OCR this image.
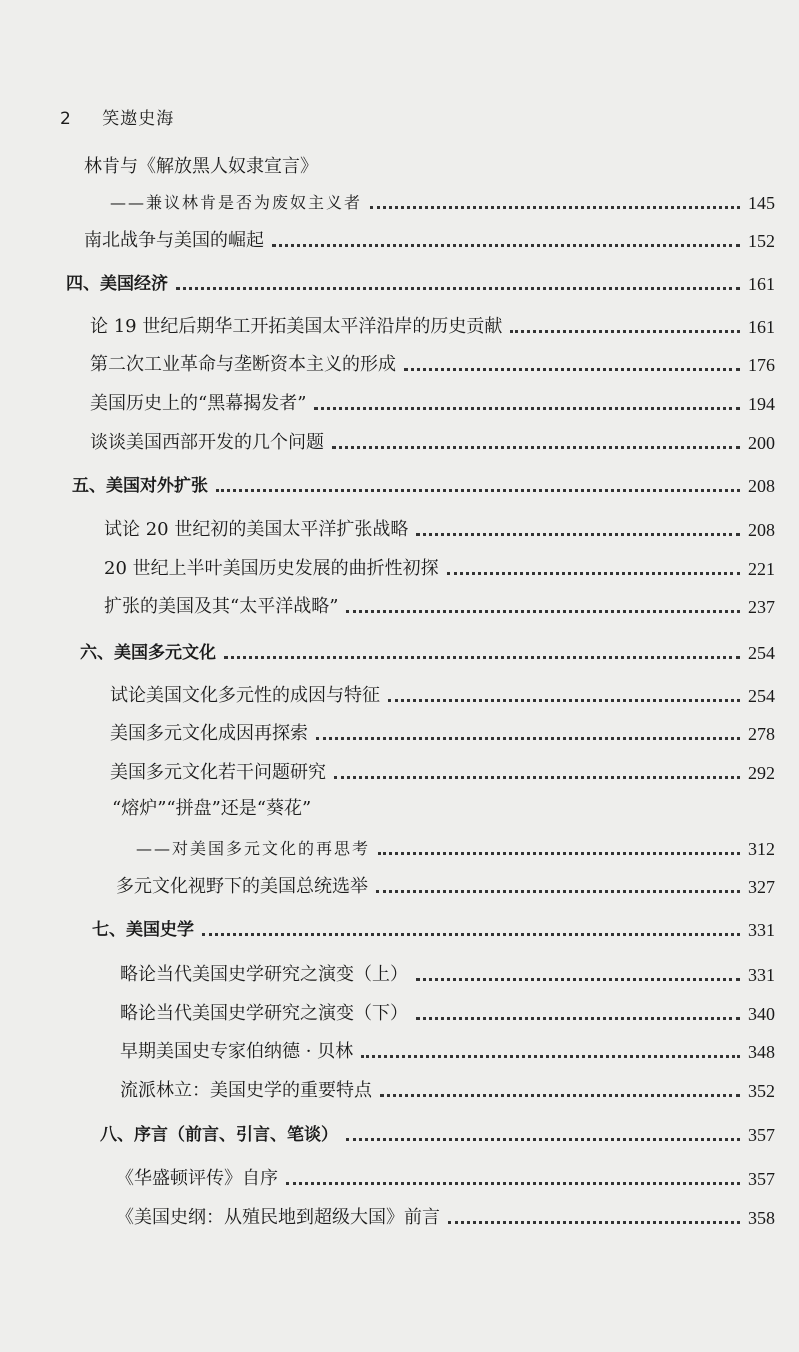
2 笑遨史海
林肯与《解放黑人奴隶宣言》
——兼议林肯是否为废奴主义者	145
南北战争与美国的崛起	152
四、美国经济	161
论 19 世纪后期华工开拓美国太平洋沿岸的历史贡献	161
第二次工业革命与垄断资本主义的形成	176
美国历史上的“黑幕揭发者”	194
谈谈美国西部开发的几个问题	200
五、美国对外扩张	208
试论 20 世纪初的美国太平洋扩张战略	208
20 世纪上半叶美国历史发展的曲折性初探	221
扩张的美国及其“太平洋战略”	237
六、美国多元文化	254
试论美国文化多元性的成因与特征	254
美国多元文化成因再探索	278
美国多元文化若干问题研究	292
“熔炉”“拼盘”还是“葵花”
——对美国多元文化的再思考	312
多元文化视野下的美国总统选举	327
七、美国史学	331
略论当代美国史学研究之演变（上）	331
略论当代美国史学研究之演变（下）	340
早期美国史专家伯纳德 · 贝林	348
流派林立：美国史学的重要特点	352
八、序言（前言、引言、笔谈）	357
《华盛顿评传》自序	357
《美国史纲：从殖民地到超级大国》前言	358
